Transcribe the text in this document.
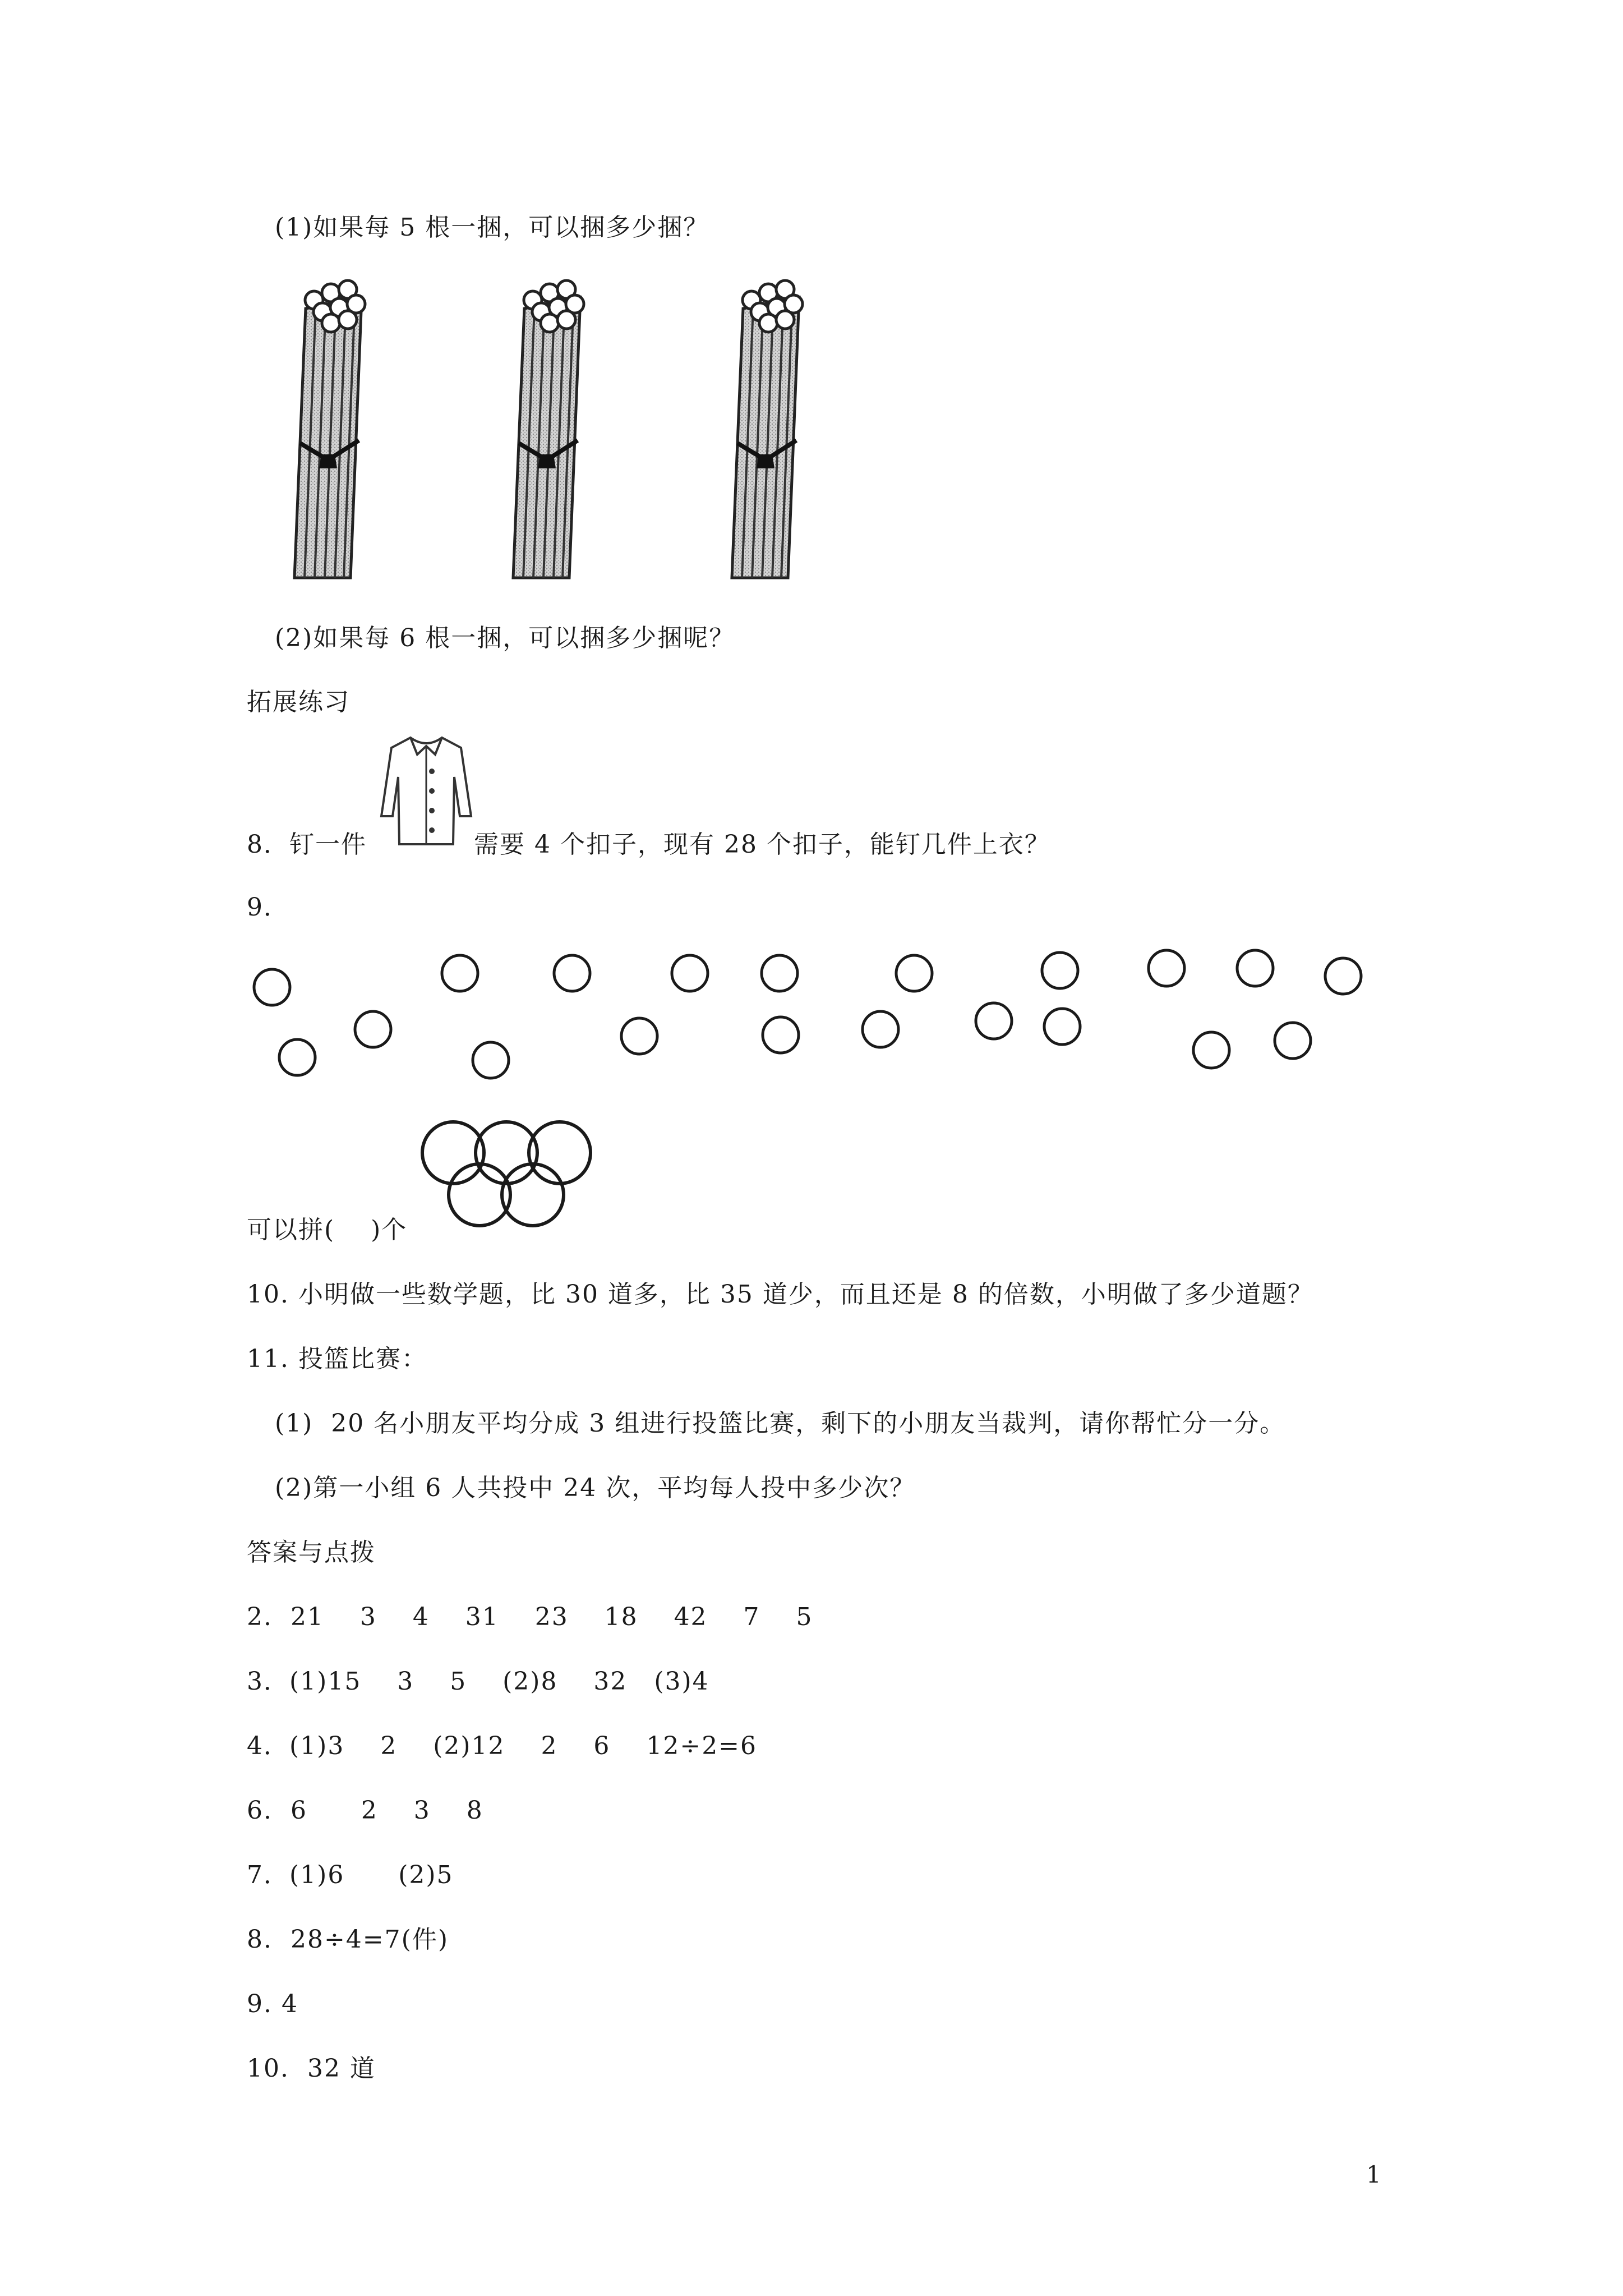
(1)如果每 5 根一捆，可以捆多少捆？
(2)如果每 6 根一捆，可以捆多少捆呢？
拓展练习
8．钉一件	需要 4 个扣子，现有 28 个扣子，能钉几件上衣？
9．
可以拼(    )个
10. 小明做一些数学题，比 30 道多，比 35 道少，而且还是 8 的倍数，小明做了多少道题？
11. 投篮比赛：
(1)  20 名小朋友平均分成 3 组进行投篮比赛，剩下的小朋友当裁判，请你帮忙分一分。
(2)第一小组 6 人共投中 24 次，平均每人投中多少次？
答案与点拨
2.  21    3    4    31    23    18    42    7    5
3．(1)15    3    5    (2)8    32   (3)4
4．(1)3    2    (2)12    2    6    12÷2=6
6.  6      2    3    8
7．(1)6      (2)5
8.  28÷4=7(件)
9. 4
10.  32 道
1
